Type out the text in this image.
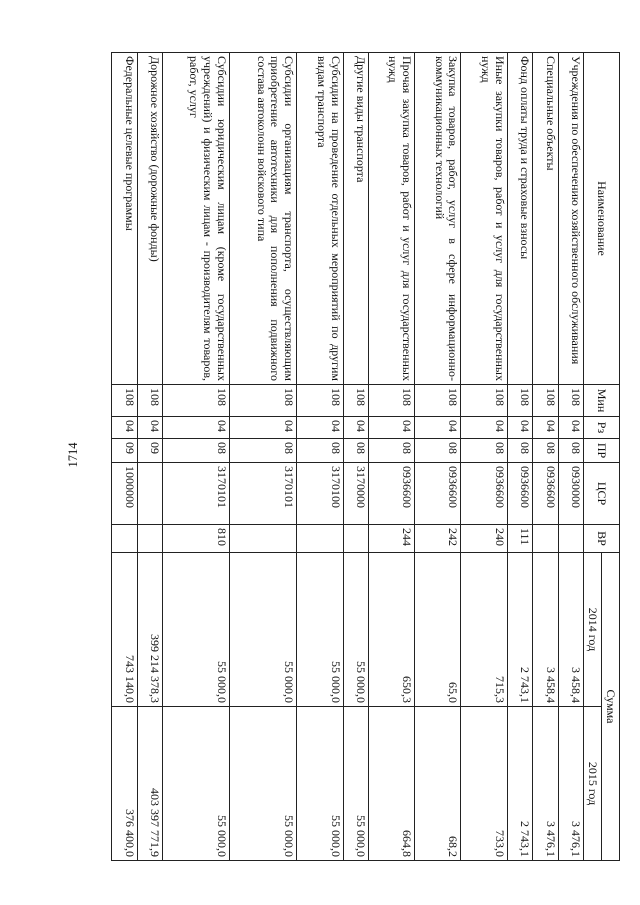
1714
Наименование	Мин	Рз	ПР	ЦСР	ВР	Сумма	
						2014 год	2015 год
Учреждения по обеспечению хозяйственного обслуживания	108	04	08	0930000		3 458,4	3 476,1
Специальные объекты	108	04	08	0936600		3 458,4	3 476,1
Фонд оплаты труда и страховые взносы	108	04	08	0936600	111	2 743,1	2 743,1
Иные закупки товаров, работ и услуг для государственных нужд	108	04	08	0936600	240	715,3	733,0
Закупка товаров, работ, услуг в сфере информационно-коммуникационных технологий	108	04	08	0936600	242	65,0	68,2
Прочая закупка товаров, работ и услуг для государственных нужд	108	04	08	0936600	244	650,3	664,8
Другие виды транспорта	108	04	08	3170000		55 000,0	55 000,0
Субсидии на проведение отдельных мероприятий по другим видам транспорта	108	04	08	3170100		55 000,0	55 000,0
Субсидии организациям транспорта, осуществляющим приобретение автотехники для пополнения подвижного состава автоколонн войскового типа	108	04	08	3170101		55 000,0	55 000,0
Субсидии юридическим лицам (кроме государственных учреждений) и физическим лицам - производителям товаров, работ, услуг	108	04	08	3170101	810	55 000,0	55 000,0
Дорожное хозяйство (дорожные фонды)	108	04	09			399 214 378,3	403 397 771,9
Федеральные целевые программы	108	04	09	1000000		743 140,0	376 400,0
